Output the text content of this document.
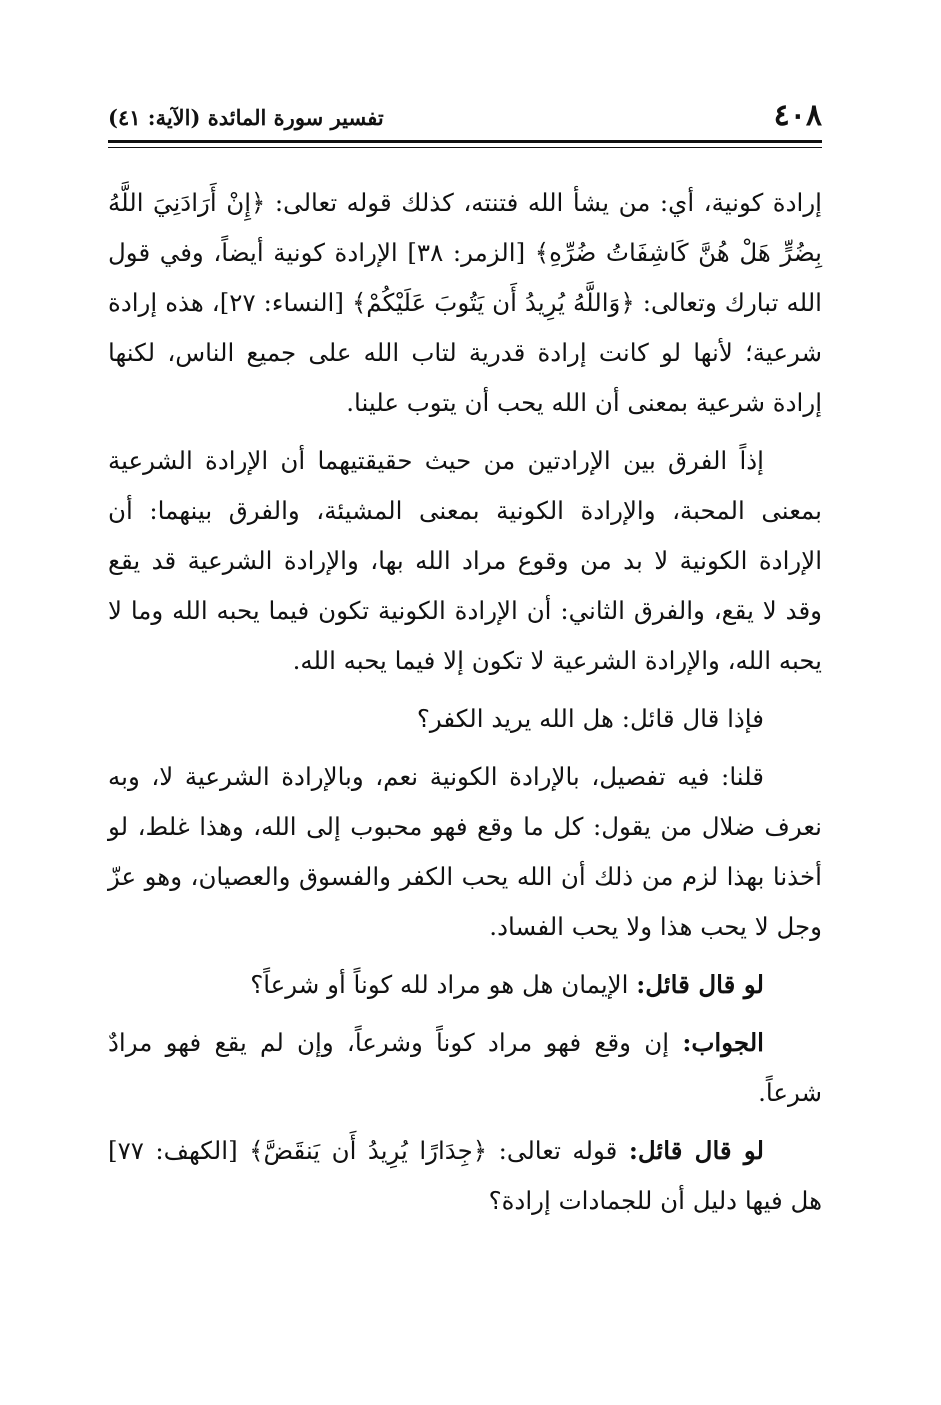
٤٠٨
تفسير سورة المائدة (الآية: ٤١)

إرادة كونية، أي: من يشأ الله فتنته، كذلك قوله تعالى: ﴿إِنْ أَرَادَنِيَ اللَّهُ بِضُرٍّ هَلْ هُنَّ كَاشِفَاتُ ضُرِّهِ﴾ [الزمر: ٣٨] الإرادة كونية أيضاً، وفي قول الله تبارك وتعالى: ﴿وَاللَّهُ يُرِيدُ أَن يَتُوبَ عَلَيْكُمْ﴾ [النساء: ٢٧]، هذه إرادة شرعية؛ لأنها لو كانت إرادة قدرية لتاب الله على جميع الناس، لكنها إرادة شرعية بمعنى أن الله يحب أن يتوب علينا.

إذاً الفرق بين الإرادتين من حيث حقيقتيهما أن الإرادة الشرعية بمعنى المحبة، والإرادة الكونية بمعنى المشيئة، والفرق بينهما: أن الإرادة الكونية لا بد من وقوع مراد الله بها، والإرادة الشرعية قد يقع وقد لا يقع، والفرق الثاني: أن الإرادة الكونية تكون فيما يحبه الله وما لا يحبه الله، والإرادة الشرعية لا تكون إلا فيما يحبه الله.

فإذا قال قائل: هل الله يريد الكفر؟

قلنا: فيه تفصيل، بالإرادة الكونية نعم، وبالإرادة الشرعية لا، وبه نعرف ضلال من يقول: كل ما وقع فهو محبوب إلى الله، وهذا غلط، لو أخذنا بهذا لزم من ذلك أن الله يحب الكفر والفسوق والعصيان، وهو عزّ وجل لا يحب هذا ولا يحب الفساد.

لو قال قائل: الإيمان هل هو مراد لله كوناً أو شرعاً؟

الجواب: إن وقع فهو مراد كوناً وشرعاً، وإن لم يقع فهو مرادٌ شرعاً.

لو قال قائل: قوله تعالى: ﴿جِدَارًا يُرِيدُ أَن يَنقَضَّ﴾ [الكهف: ٧٧] هل فيها دليل أن للجمادات إرادة؟
